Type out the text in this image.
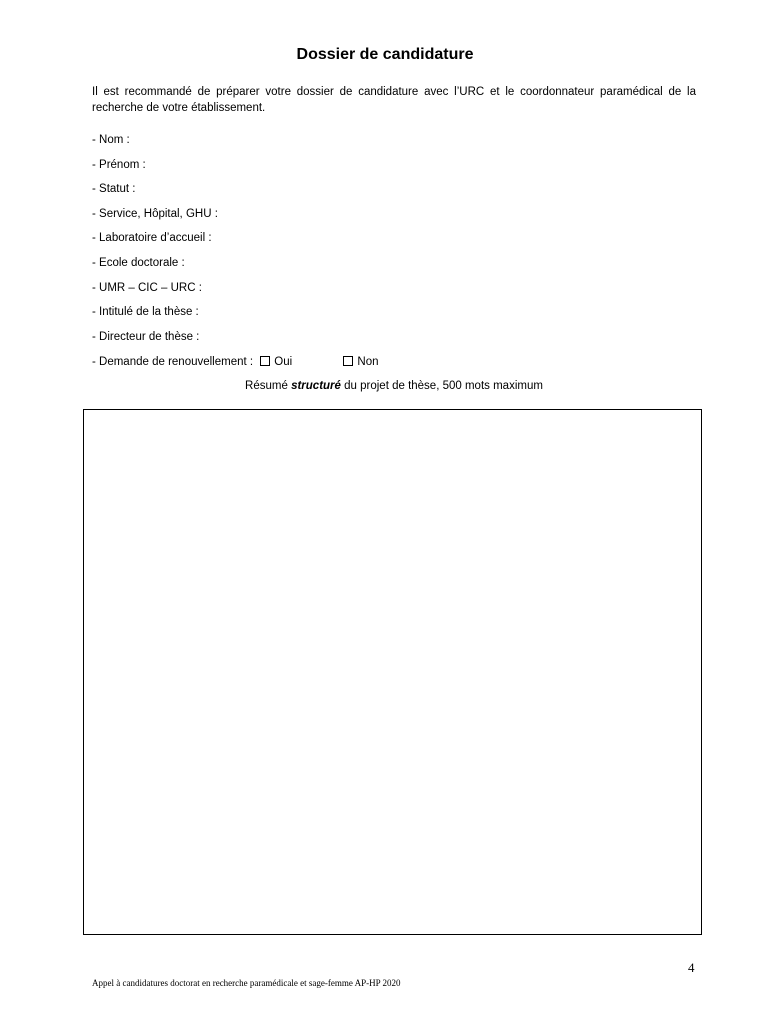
Dossier de candidature
Il est recommandé de préparer votre dossier de candidature avec l’URC et le coordonnateur paramédical de la recherche de votre établissement.
- Nom :
- Prénom :
- Statut :
- Service, Hôpital, GHU :
- Laboratoire d’accueil :
- Ecole doctorale :
- UMR – CIC – URC :
- Intitulé de la thèse :
- Directeur de thèse :
- Demande de renouvellement : Oui	Non
Résumé structuré du projet de thèse, 500 mots maximum
4
Appel à candidatures doctorat en recherche paramédicale et sage-femme AP-HP 2020
